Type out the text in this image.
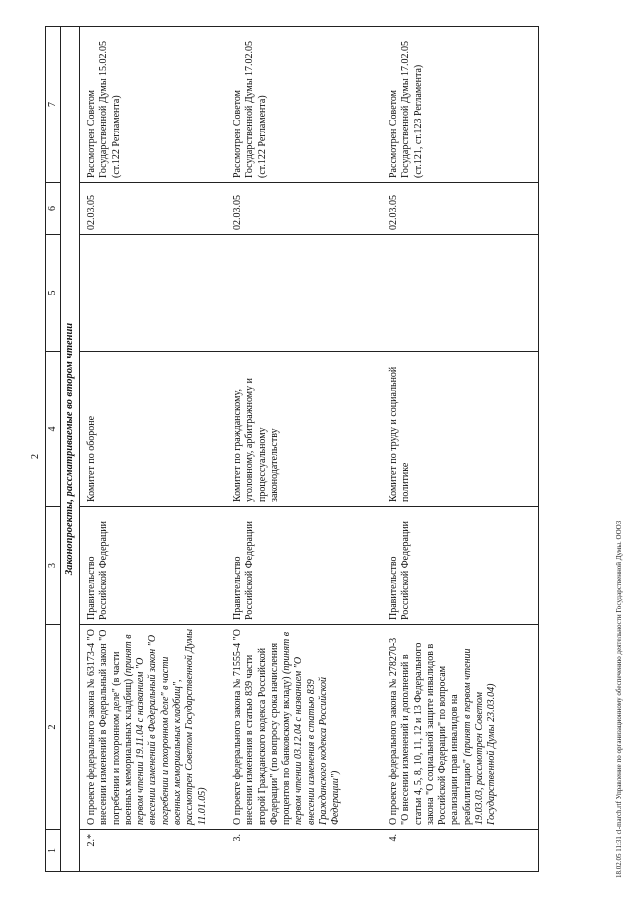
2
1	2	3	4	5	6	7
Законопроекты, рассматриваемые во втором чтении						
2.*	О проекте федерального закона № 63173-4 "О внесении изменений в Федеральный закон "О погребении и похоронном деле" (в части военных мемориальных кладбищ) (принят в первом чтении 19.11.04 с названием "О внесении изменений в Федеральный закон "О погребении и похоронном деле" в части военных мемориальных кладбищ", рассмотрен Советом Государственной Думы 11.01.05)	Правительство Российской Федерации	Комитет по обороне		02.03.05	Рассмотрен Советом Государственной Думы 15.02.05 (ст.122 Регламента)
3.	О проекте федерального закона № 71555-4 "О внесении изменения в статью 839 части второй Гражданского кодекса Российской Федерации" (по вопросу срока начисления процентов по банковскому вкладу) (принят в первом чтении 03.12.04 с названием "О внесении изменения в статью 839 Гражданского кодекса Российской Федерации")	Правительство Российской Федерации	Комитет по гражданскому, уголовному, арбитражному и процессуальному законодательству		02.03.05	Рассмотрен Советом Государственной Думы 17.02.05 (ст.122 Регламента)
4.	О проекте федерального закона № 278270-3 "О внесении изменений и дополнений в статьи 4, 5, 8, 10, 11, 12 и 13 Федерального закона "О социальной защите инвалидов в Российской Федерации" по вопросам реализации прав инвалидов на реабилитацию" (принят в первом чтении 19.03.03, рассмотрен Советом Государственной Думы 23.03.04)	Правительство Российской Федерации	Комитет по труду и социальной политике		02.03.05	Рассмотрен Советом Государственной Думы 17.02.05 (ст.121, ст.123 Регламента)
18.02.05 11:31 cl-march.rtf Управление по организационному обеспечению деятельности Государственной Думы. ООО3
